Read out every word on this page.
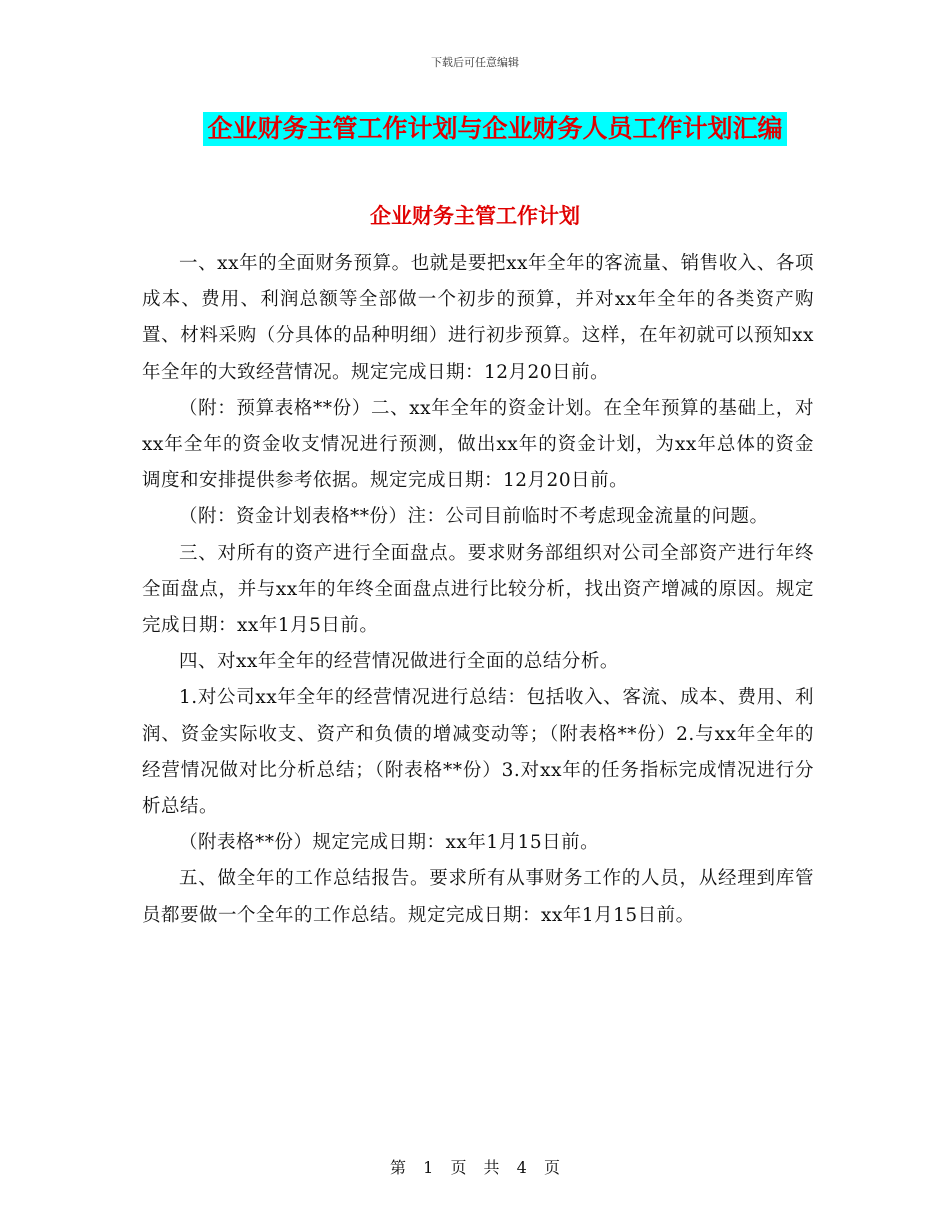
下载后可任意编辑
企业财务主管工作计划与企业财务人员工作计划汇编
企业财务主管工作计划

一、xx年的全面财务预算。也就是要把xx年全年的客流量、销售收入、各项成本、费用、利润总额等全部做一个初步的预算，并对xx年全年的各类资产购置、材料采购（分具体的品种明细）进行初步预算。这样，在年初就可以预知xx年全年的大致经营情况。规定完成日期：12月20日前。

（附：预算表格**份）二、xx年全年的资金计划。在全年预算的基础上，对xx年全年的资金收支情况进行预测，做出xx年的资金计划，为xx年总体的资金调度和安排提供参考依据。规定完成日期：12月20日前。

（附：资金计划表格**份）注：公司目前临时不考虑现金流量的问题。

三、对所有的资产进行全面盘点。要求财务部组织对公司全部资产进行年终全面盘点，并与xx年的年终全面盘点进行比较分析，找出资产增减的原因。规定完成日期：xx年1月5日前。

四、对xx年全年的经营情况做进行全面的总结分析。

1.对公司xx年全年的经营情况进行总结：包括收入、客流、成本、费用、利润、资金实际收支、资产和负债的增减变动等；（附表格**份）2.与xx年全年的经营情况做对比分析总结；（附表格**份）3.对xx年的任务指标完成情况进行分析总结。

（附表格**份）规定完成日期：xx年1月15日前。

五、做全年的工作总结报告。要求所有从事财务工作的人员，从经理到库管员都要做一个全年的工作总结。规定完成日期：xx年1月15日前。

第 1 页 共 4 页
